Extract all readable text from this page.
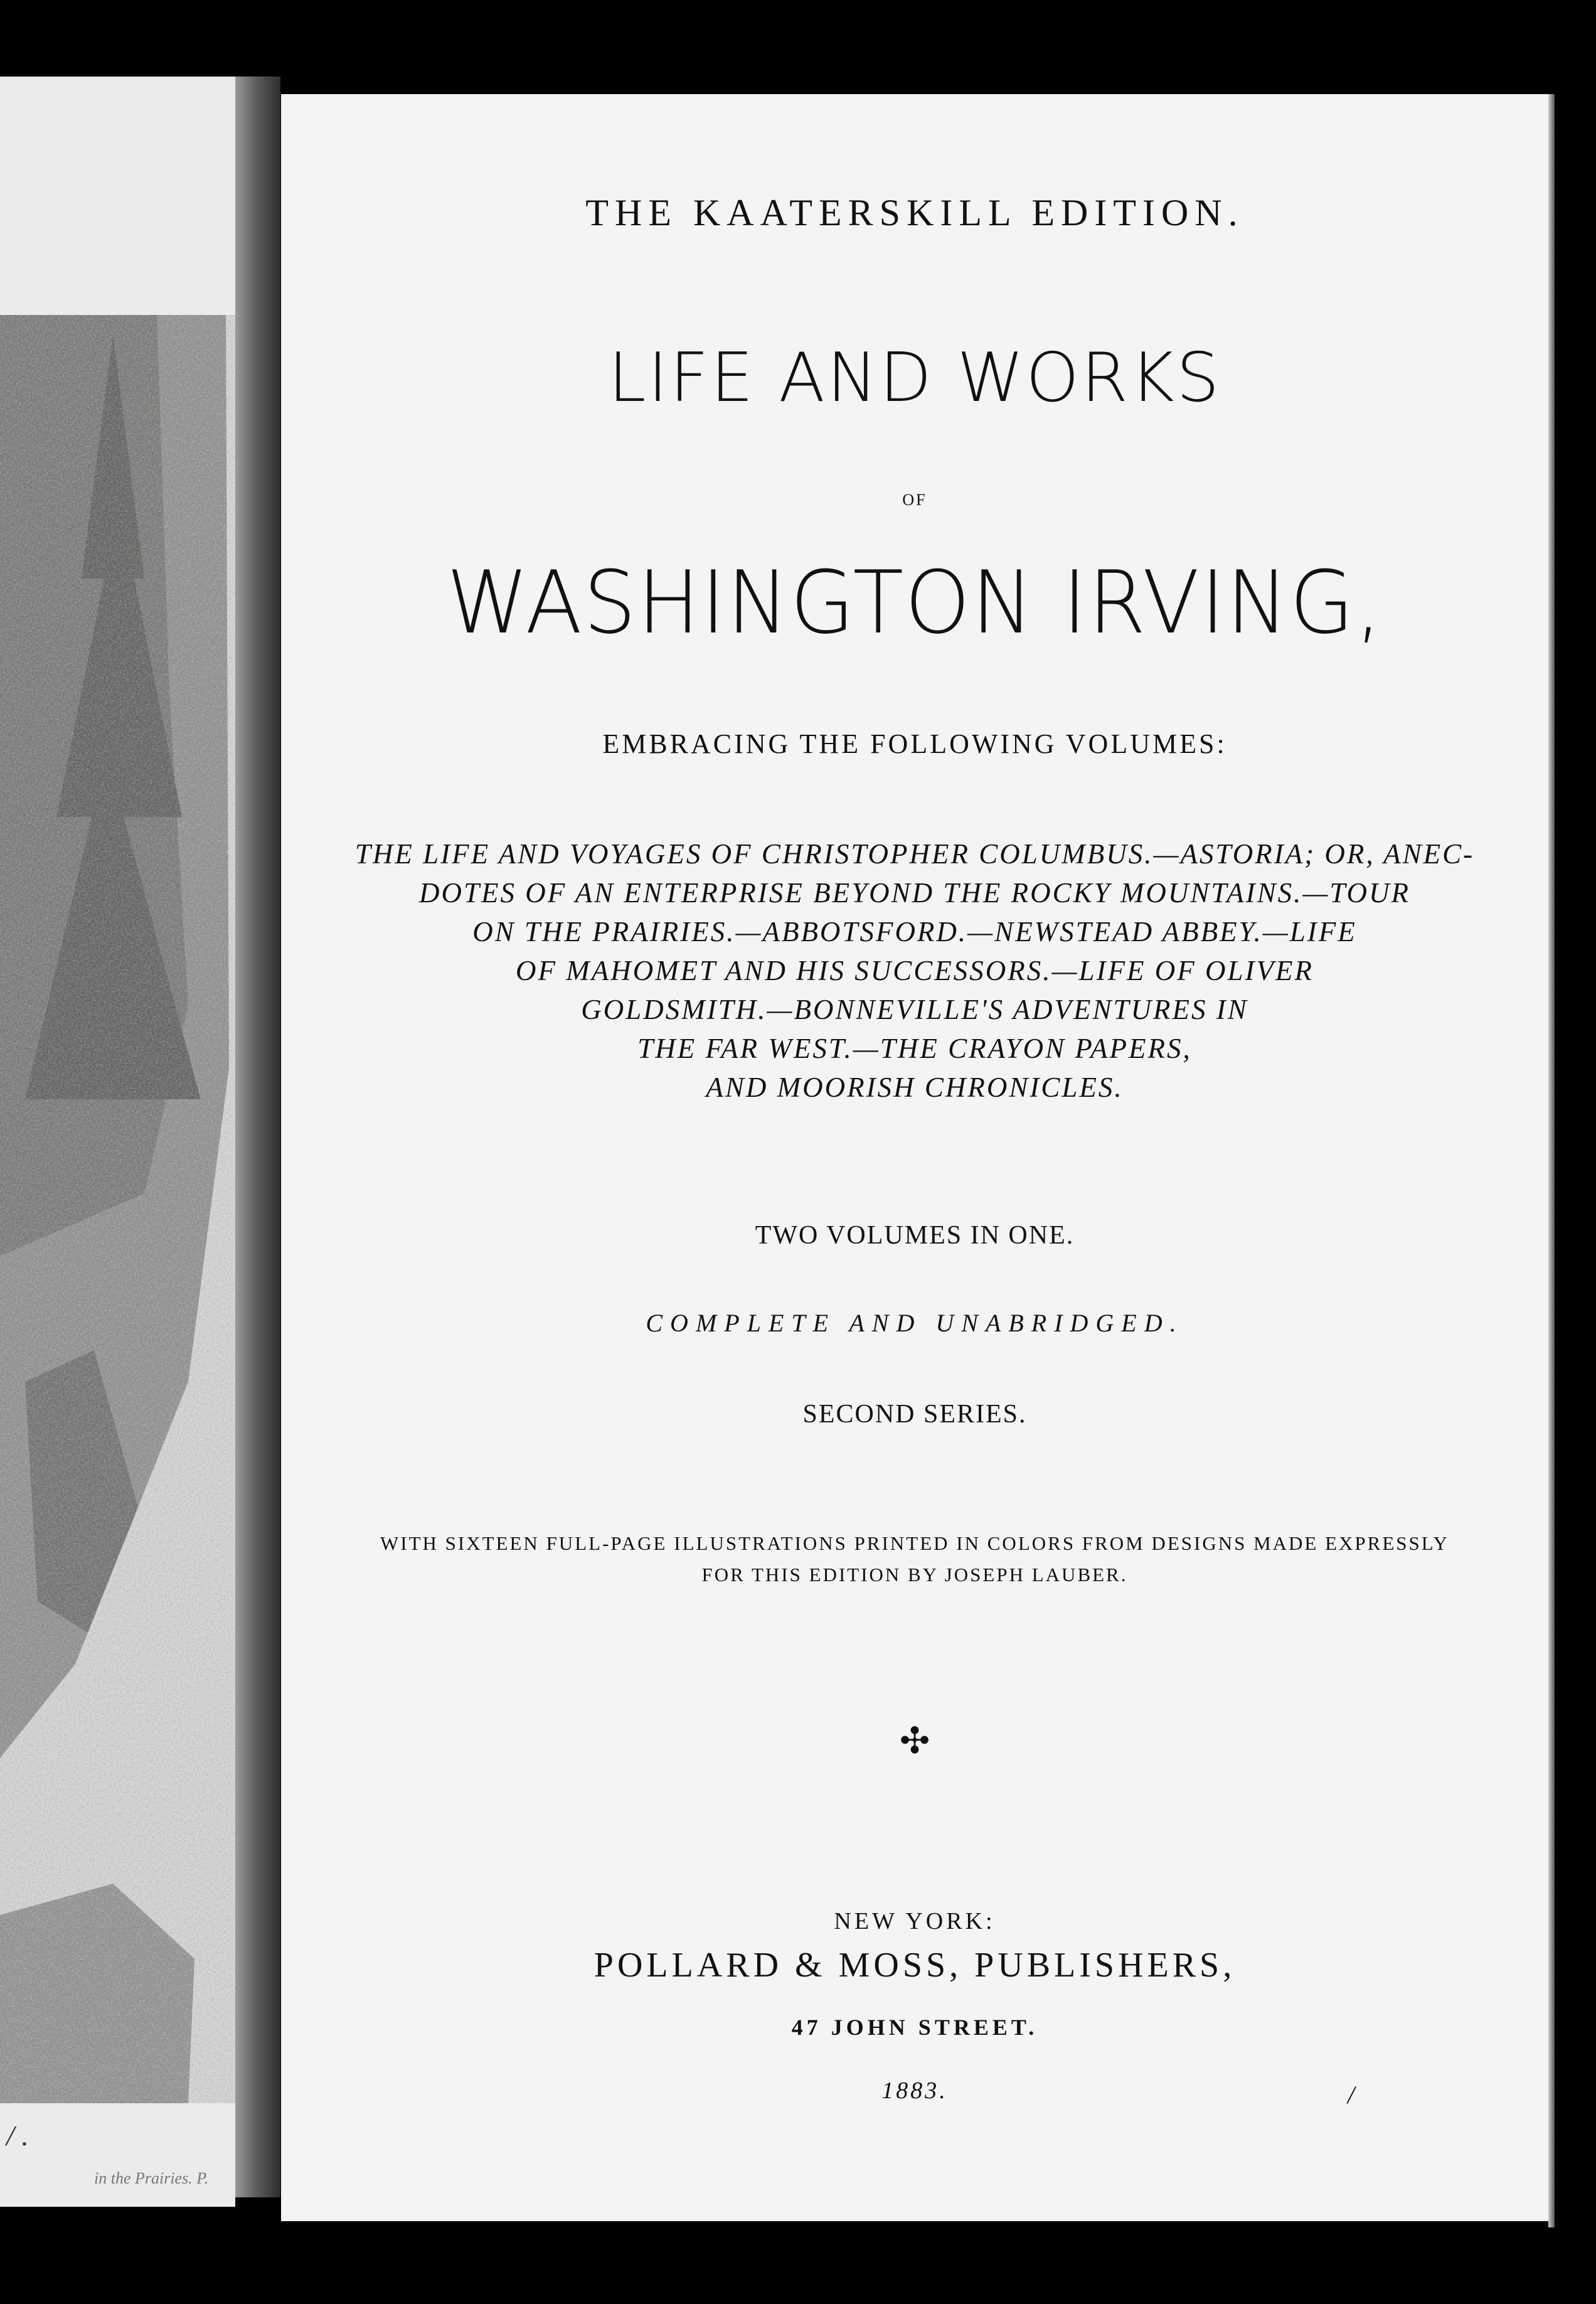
/ .
in the Prairies. P.
THE KAATERSKILL EDITION.
LIFE AND WORKS
OF
WASHINGTON IRVING,
EMBRACING THE FOLLOWING VOLUMES:
THE LIFE AND VOYAGES OF CHRISTOPHER COLUMBUS.—ASTORIA; OR, ANEC-
DOTES OF AN ENTERPRISE BEYOND THE ROCKY MOUNTAINS.—TOUR
ON THE PRAIRIES.—ABBOTSFORD.—NEWSTEAD ABBEY.—LIFE
OF MAHOMET AND HIS SUCCESSORS.—LIFE OF OLIVER
GOLDSMITH.—BONNEVILLE'S ADVENTURES IN
THE FAR WEST.—THE CRAYON PAPERS,
AND MOORISH CHRONICLES.
TWO VOLUMES IN ONE.
COMPLETE AND UNABRIDGED.
SECOND SERIES.
WITH SIXTEEN FULL-PAGE ILLUSTRATIONS PRINTED IN COLORS FROM DESIGNS MADE EXPRESSLY
FOR THIS EDITION BY JOSEPH LAUBER.
✣
NEW YORK:
POLLARD & MOSS, PUBLISHERS,
47 JOHN STREET.
1883.	/
